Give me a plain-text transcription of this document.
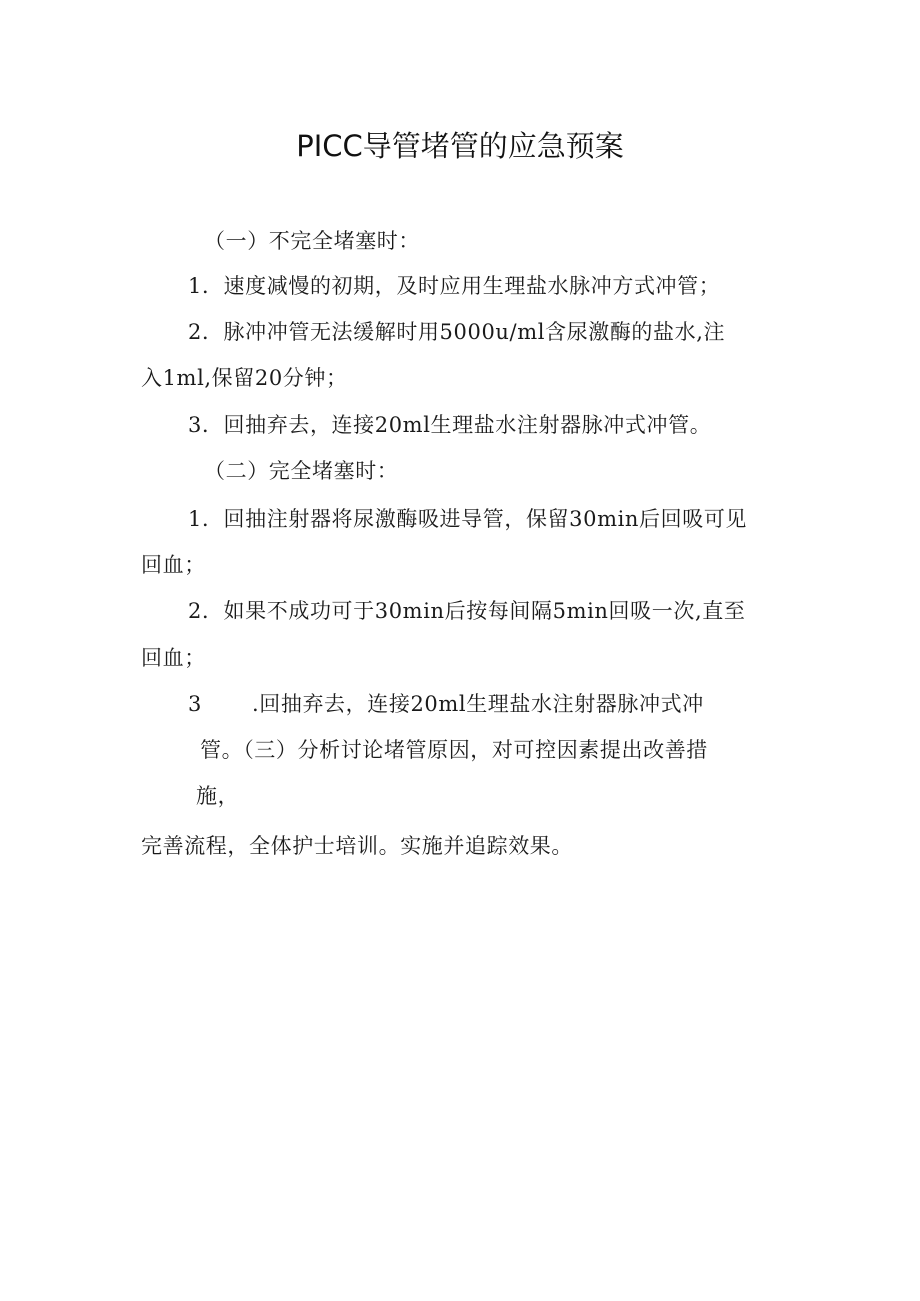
PICC导管堵管的应急预案
（一）不完全堵塞时：
1．速度减慢的初期，及时应用生理盐水脉冲方式冲管；
2．脉冲冲管无法缓解时用5000u/ml含尿激酶的盐水,注
入1ml,保留20分钟；
3．回抽弃去，连接20ml生理盐水注射器脉冲式冲管。
（二）完全堵塞时：
1．回抽注射器将尿激酶吸进导管，保留30min后回吸可见
回血；
2．如果不成功可于30min后按每间隔5min回吸一次,直至
回血；
3 .回抽弃去，连接20ml生理盐水注射器脉冲式冲
管。（三）分析讨论堵管原因，对可控因素提出改善措
施，
完善流程，全体护士培训。实施并追踪效果。
